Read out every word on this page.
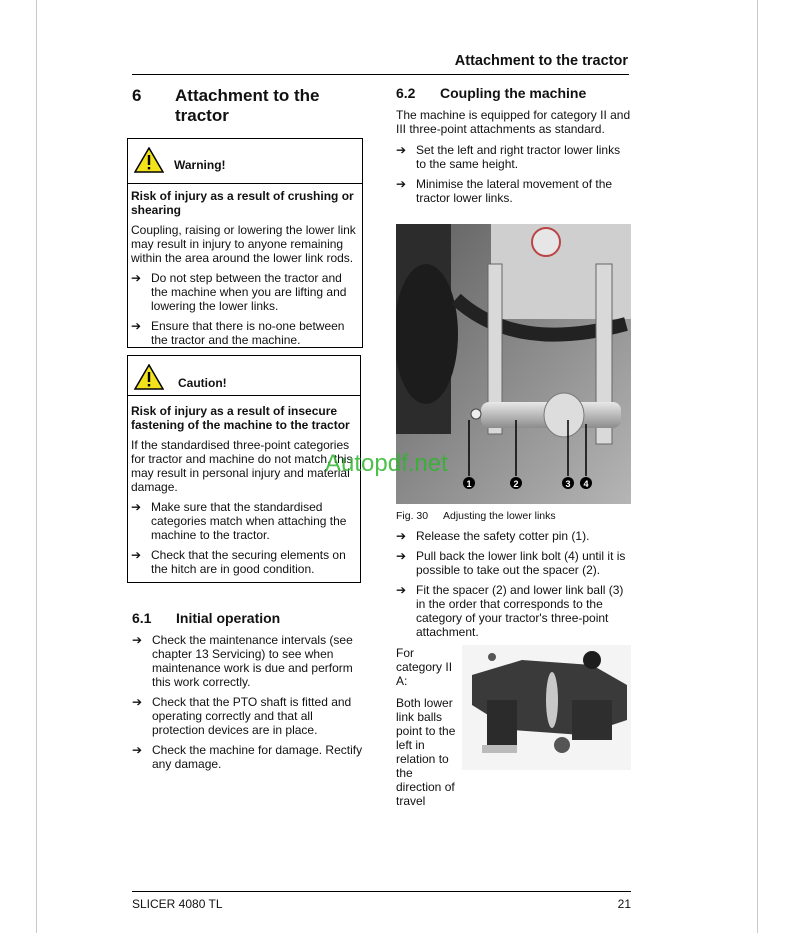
Attachment to the tractor
6 Attachment to the tractor
Warning!
Risk of injury as a result of crushing or shearing

Coupling, raising or lowering the lower link may result in injury to anyone remaining within the area around the lower link rods.

➔ Do not step between the tractor and the machine when you are lifting and lowering the lower links.
➔ Ensure that there is no-one between the tractor and the machine.
Caution!
Risk of injury as a result of insecure fastening of the machine to the tractor

If the standardised three-point categories for tractor and machine do not match, this may result in personal injury and material damage.

➔ Make sure that the standardised categories match when attaching the machine to the tractor.
➔ Check that the securing elements on the hitch are in good condition.
6.1 Initial operation
➔ Check the maintenance intervals (see chapter 13 Servicing) to see when maintenance work is due and perform this work correctly.
➔ Check that the PTO shaft is fitted and operating correctly and that all protection devices are in place.
➔ Check the machine for damage. Rectify any damage.
6.2 Coupling the machine

The machine is equipped for category II and III three-point attachments as standard.

➔ Set the left and right tractor lower links to the same height.
➔ Minimise the lateral movement of the tractor lower links.
1	2	3 4
Fig. 30 Adjusting the lower links
➔ Release the safety cotter pin (1).
➔ Pull back the lower link bolt (4) until it is possible to take out the spacer (2).
➔ Fit the spacer (2) and lower link ball (3) in the order that corresponds to the category of your tractor's three-point attachment.

For category II A:

Both lower link balls point to the left in relation to the direction of travel

Autopdf.net
SLICER 4080 TL	21
